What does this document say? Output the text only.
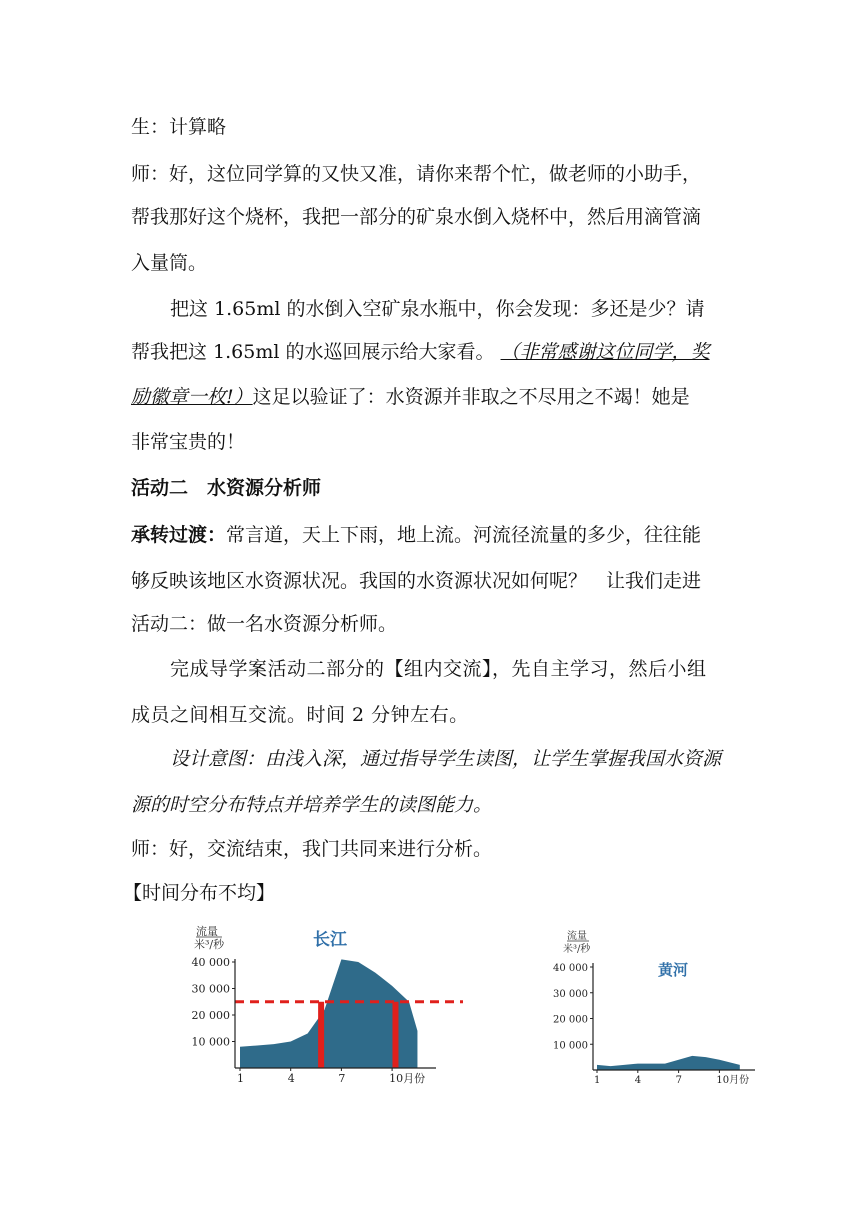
生：计算略
师：好，这位同学算的又快又准，请你来帮个忙，做老师的小助手，
帮我那好这个烧杯，我把一部分的矿泉水倒入烧杯中，然后用滴管滴
入量筒。
把这 1.65ml 的水倒入空矿泉水瓶中，你会发现：多还是少？请
帮我把这 1.65ml 的水巡回展示给大家看。 （非常感谢这位同学，奖
励徽章一枚!）这足以验证了：水资源并非取之不尽用之不竭！她是
非常宝贵的！
活动二　水资源分析师
承转过渡：常言道，天上下雨，地上流。河流径流量的多少，往往能
够反映该地区水资源状况。我国的水资源状况如何呢？　让我们走进
活动二：做一名水资源分析师。
完成导学案活动二部分的【组内交流】，先自主学习，然后小组
成员之间相互交流。时间 2 分钟左右。
设计意图：由浅入深，通过指导学生读图，让学生掌握我国水资源
源的时空分布特点并培养学生的读图能力。
师：好，交流结束，我门共同来进行分析。
【时间分布不均】
流量
米³/秒	长江
40 000
30 000
20 000
10 000
1	4	7	10月份
流量
米³/秒
黄河
40 000
30 000
20 000
10 000
1	4	7	10月份
